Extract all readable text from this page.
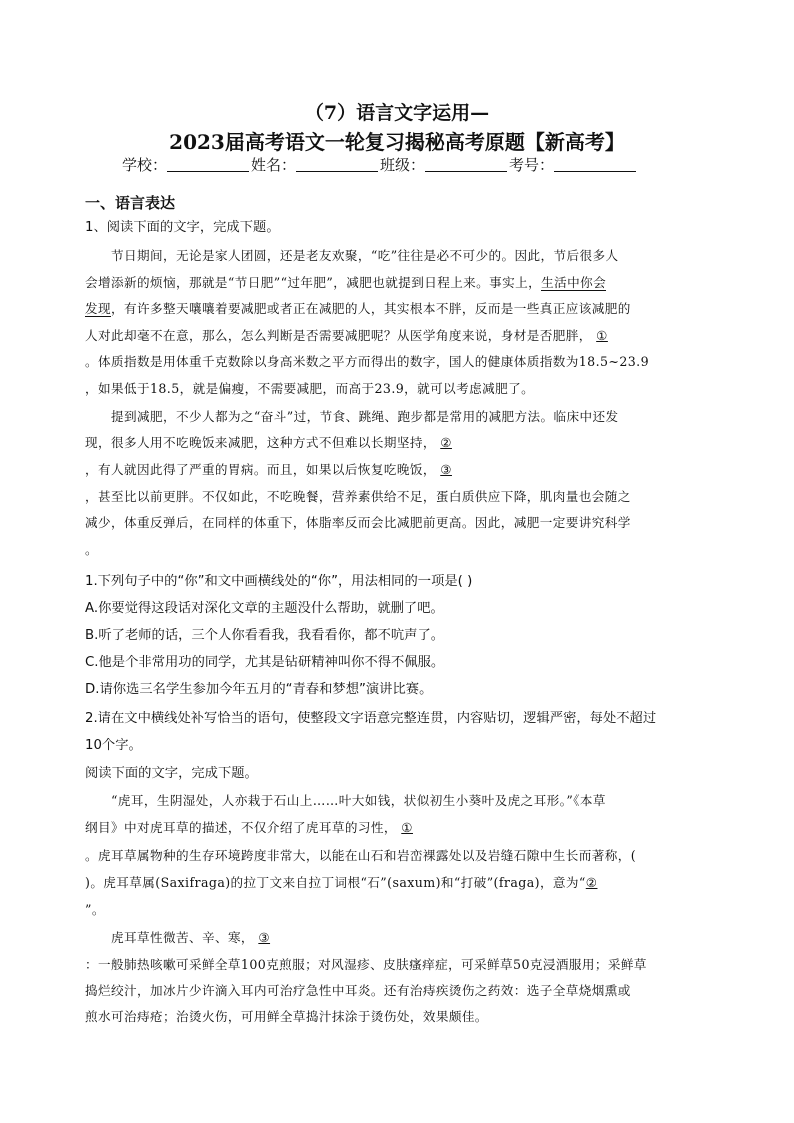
（7）语言文字运用—
2023届高考语文一轮复习揭秘高考原题【新高考】
学校：	姓名：	班级：	考号：
一、语言表达
1、阅读下面的文字，完成下题。
节日期间，无论是家人团圆，还是老友欢聚，“吃”往往是必不可少的。因此，节后很多人
会增添新的烦恼，那就是“节日肥”“过年肥”，减肥也就提到日程上来。事实上，生活中你会
发现，有许多整天嚷嚷着要减肥或者正在减肥的人，其实根本不胖，反而是一些真正应该减肥的
人对此却毫不在意，那么，怎么判断是否需要减肥呢？从医学角度来说，身材是否肥胖， ①
。体质指数是用体重千克数除以身高米数之平方而得出的数字，国人的健康体质指数为18.5~23.9
，如果低于18.5，就是偏瘦，不需要减肥，而高于23.9，就可以考虑减肥了。
提到减肥，不少人都为之“奋斗”过，节食、跳绳、跑步都是常用的减肥方法。临床中还发
现，很多人用不吃晚饭来减肥，这种方式不但难以长期坚持， ②
，有人就因此得了严重的胃病。而且，如果以后恢复吃晚饭， ③
，甚至比以前更胖。不仅如此，不吃晚餐，营养素供给不足，蛋白质供应下降，肌肉量也会随之
减少，体重反弹后，在同样的体重下，体脂率反而会比减肥前更高。因此，减肥一定要讲究科学
。
1.下列句子中的“你”和文中画横线处的“你”，用法相同的一项是( )
A.你要觉得这段话对深化文章的主题没什么帮助，就删了吧。
B.听了老师的话，三个人你看看我，我看看你，都不吭声了。
C.他是个非常用功的同学，尤其是钻研精神叫你不得不佩服。
D.请你选三名学生参加今年五月的“青春和梦想”演讲比赛。
2.请在文中横线处补写恰当的语句，使整段文字语意完整连贯，内容贴切，逻辑严密，每处不超过
10个字。
阅读下面的文字，完成下题。
“虎耳，生阴湿处，人亦栽于石山上……叶大如钱，状似初生小葵叶及虎之耳形。”《本草
纲目》中对虎耳草的描述，不仅介绍了虎耳草的习性， ①
。虎耳草属物种的生存环境跨度非常大，以能在山石和岩峦裸露处以及岩缝石隙中生长而著称，(
)。虎耳草属(Saxifraga)的拉丁文来自拉丁词根“石”(saxum)和“打破”(fraga)，意为“②
”。
虎耳草性微苦、辛、寒， ③
：一般肺热咳嗽可采鲜全草100克煎服；对风湿疹、皮肤瘙痒症，可采鲜草50克浸酒服用；采鲜草
捣烂绞汁，加冰片少许滴入耳内可治疗急性中耳炎。还有治痔疾烫伤之药效：选子全草烧烟熏或
煎水可治痔疮；治烫火伤，可用鲜全草捣汁抹涂于烫伤处，效果颇佳。
